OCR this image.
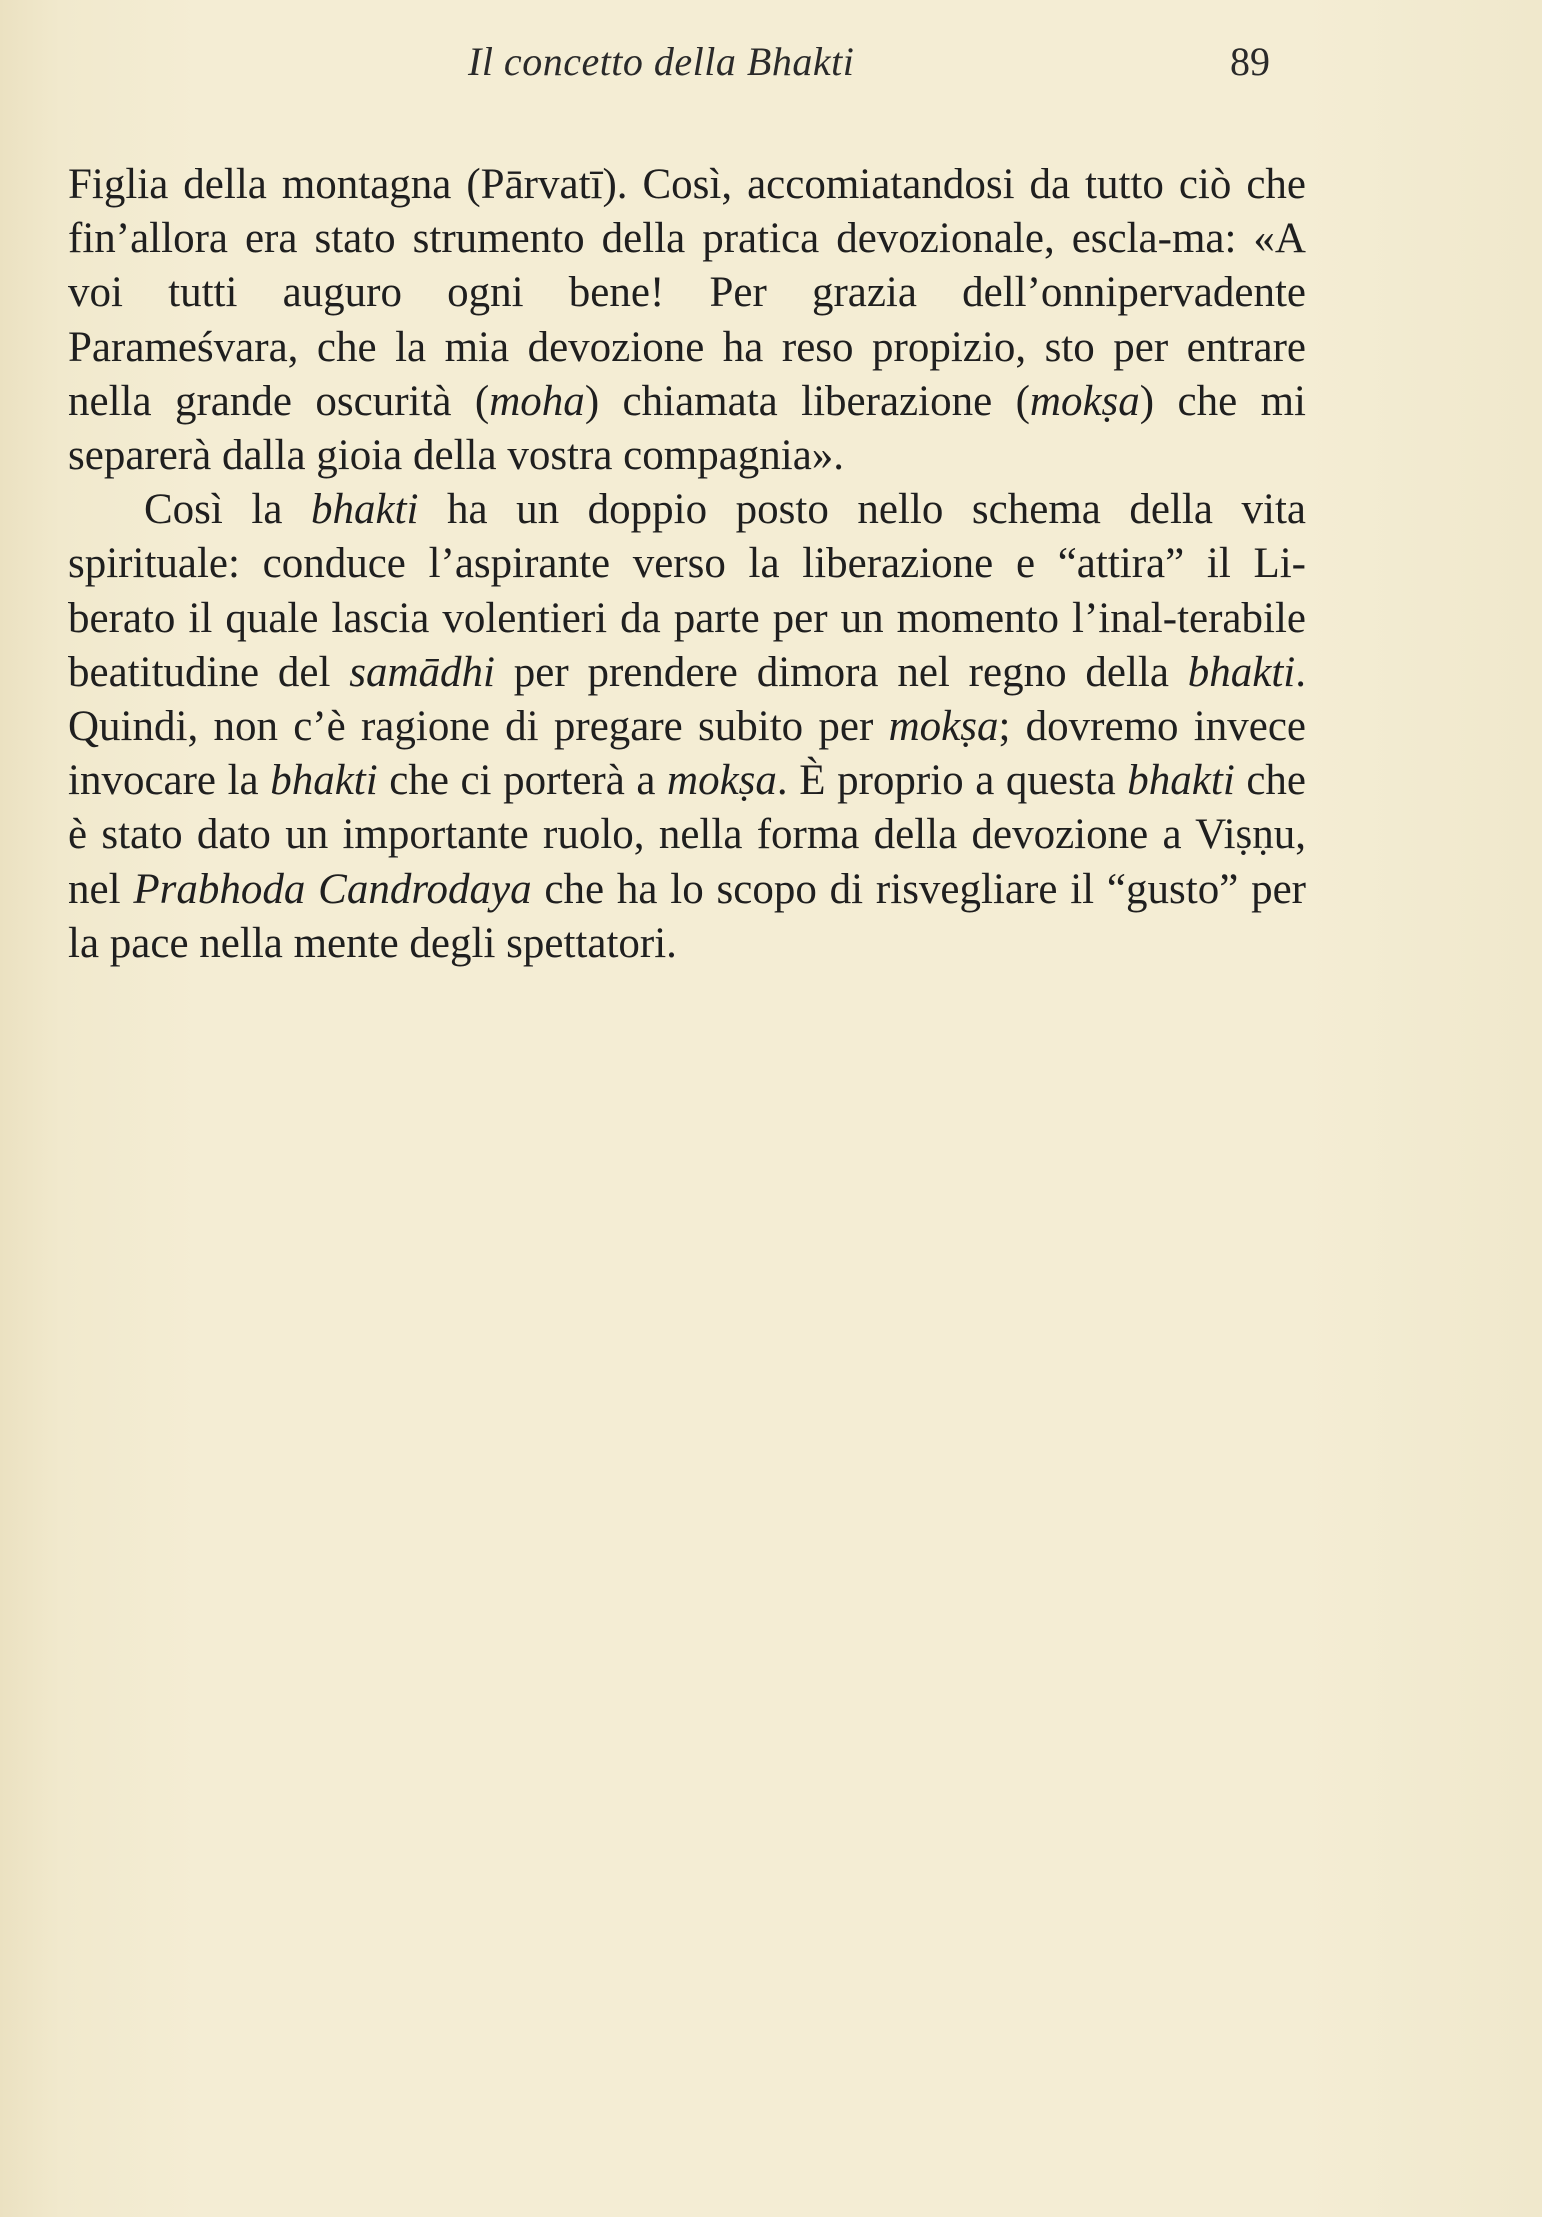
Il concetto della Bhakti	89

Figlia della montagna (Pārvatī). Così, accomiatandosi da tutto ciò che fin’allora era stato strumento della pratica devozionale, escla-ma: «A voi tutti auguro ogni bene! Per grazia dell’onnipervadente Parameśvara, che la mia devozione ha reso propizio, sto per entrare nella grande oscurità (moha) chiamata liberazione (mokṣa) che mi separerà dalla gioia della vostra compagnia».

Così la bhakti ha un doppio posto nello schema della vita spirituale: conduce l’aspirante verso la liberazione e “attira” il Li-berato il quale lascia volentieri da parte per un momento l’inal-terabile beatitudine del samādhi per prendere dimora nel regno della bhakti. Quindi, non c’è ragione di pregare subito per mokṣa; dovremo invece invocare la bhakti che ci porterà a mokṣa. È proprio a questa bhakti che è stato dato un importante ruolo, nella forma della devozione a Viṣṇu, nel Prabhoda Candrodaya che ha lo scopo di risvegliare il “gusto” per la pace nella mente degli spettatori.
